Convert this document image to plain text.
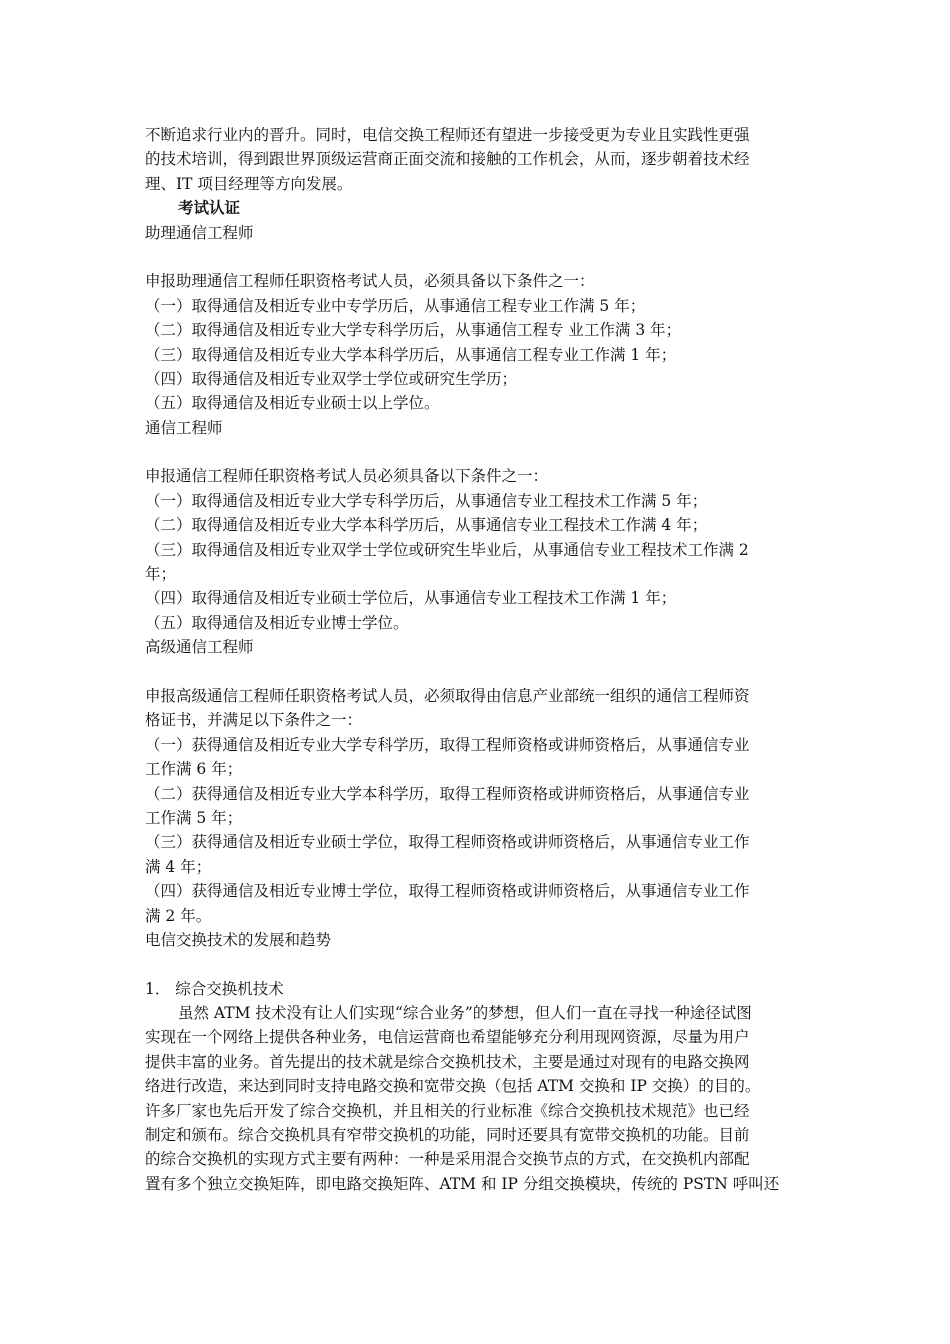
不断追求行业内的晋升。同时，电信交换工程师还有望进一步接受更为专业且实践性更强
的技术培训，得到跟世界顶级运营商正面交流和接触的工作机会，从而，逐步朝着技术经
理、IT 项目经理等方向发展。
考试认证
助理通信工程师
申报助理通信工程师任职资格考试人员，必须具备以下条件之一：
（一）取得通信及相近专业中专学历后，从事通信工程专业工作满 5 年；
（二）取得通信及相近专业大学专科学历后，从事通信工程专 业工作满 3 年；
（三）取得通信及相近专业大学本科学历后，从事通信工程专业工作满 1 年；
（四）取得通信及相近专业双学士学位或研究生学历；
（五）取得通信及相近专业硕士以上学位。
通信工程师
申报通信工程师任职资格考试人员必须具备以下条件之一：
（一）取得通信及相近专业大学专科学历后，从事通信专业工程技术工作满 5 年；
（二）取得通信及相近专业大学本科学历后，从事通信专业工程技术工作满 4 年；
（三）取得通信及相近专业双学士学位或研究生毕业后，从事通信专业工程技术工作满 2
年；
（四）取得通信及相近专业硕士学位后，从事通信专业工程技术工作满 1 年；
（五）取得通信及相近专业博士学位。
高级通信工程师
申报高级通信工程师任职资格考试人员，必须取得由信息产业部统一组织的通信工程师资
格证书，并满足以下条件之一：
（一）获得通信及相近专业大学专科学历，取得工程师资格或讲师资格后，从事通信专业
工作满 6 年；
（二）获得通信及相近专业大学本科学历，取得工程师资格或讲师资格后，从事通信专业
工作满 5 年；
（三）获得通信及相近专业硕士学位，取得工程师资格或讲师资格后，从事通信专业工作
满 4 年；
（四）获得通信及相近专业博士学位，取得工程师资格或讲师资格后，从事通信专业工作
满 2 年。
电信交换技术的发展和趋势
1． 综合交换机技术
虽然 ATM 技术没有让人们实现“综合业务”的梦想，但人们一直在寻找一种途径试图
实现在一个网络上提供各种业务，电信运营商也希望能够充分利用现网资源，尽量为用户
提供丰富的业务。首先提出的技术就是综合交换机技术，主要是通过对现有的电路交换网
络进行改造，来达到同时支持电路交换和宽带交换（包括 ATM 交换和 IP 交换）的目的。
许多厂家也先后开发了综合交换机，并且相关的行业标准《综合交换机技术规范》也已经
制定和颁布。综合交换机具有窄带交换机的功能，同时还要具有宽带交换机的功能。目前
的综合交换机的实现方式主要有两种：一种是采用混合交换节点的方式，在交换机内部配
置有多个独立交换矩阵，即电路交换矩阵、ATM 和 IP 分组交换模块，传统的 PSTN 呼叫还
